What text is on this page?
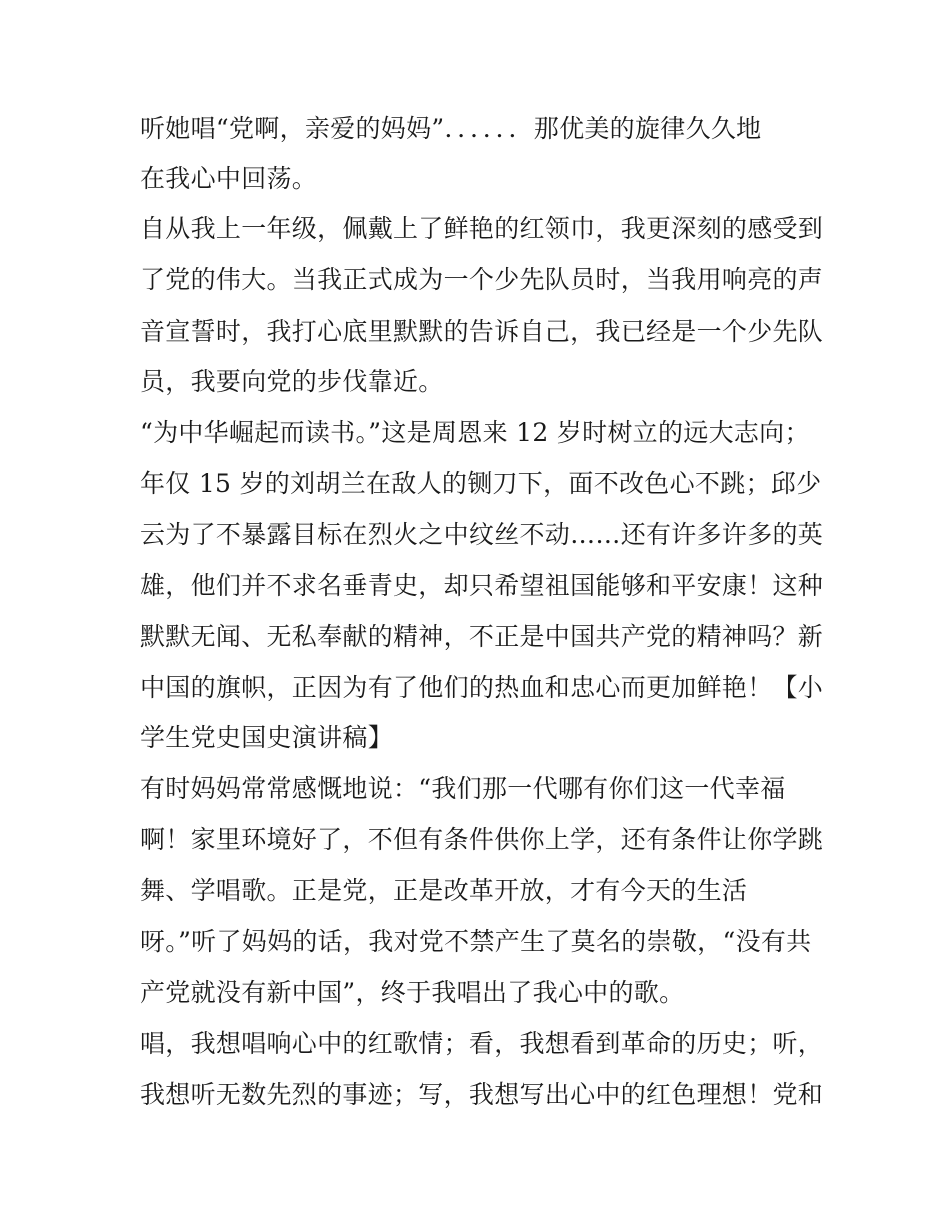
听她唱“党啊，亲爱的妈妈”．．．．．．那优美的旋律久久地

在我心中回荡。

自从我上一年级，佩戴上了鲜艳的红领巾，我更深刻的感受到

了党的伟大。当我正式成为一个少先队员时，当我用响亮的声

音宣誓时，我打心底里默默的告诉自己，我已经是一个少先队

员，我要向党的步伐靠近。

“为中华崛起而读书。”这是周恩来 12 岁时树立的远大志向；

年仅 15 岁的刘胡兰在敌人的铡刀下，面不改色心不跳；邱少

云为了不暴露目标在烈火之中纹丝不动……还有许多许多的英

雄，他们并不求名垂青史，却只希望祖国能够和平安康！这种

默默无闻、无私奉献的精神，不正是中国共产党的精神吗？新

中国的旗帜，正因为有了他们的热血和忠心而更加鲜艳！【小

学生党史国史演讲稿】

有时妈妈常常感慨地说：“我们那一代哪有你们这一代幸福

啊！家里环境好了，不但有条件供你上学，还有条件让你学跳

舞、学唱歌。正是党，正是改革开放，才有今天的生活

呀。”听了妈妈的话，我对党不禁产生了莫名的崇敬，“没有共

产党就没有新中国”，终于我唱出了我心中的歌。

唱，我想唱响心中的红歌情；看，我想看到革命的历史；听，

我想听无数先烈的事迹；写，我想写出心中的红色理想！党和
